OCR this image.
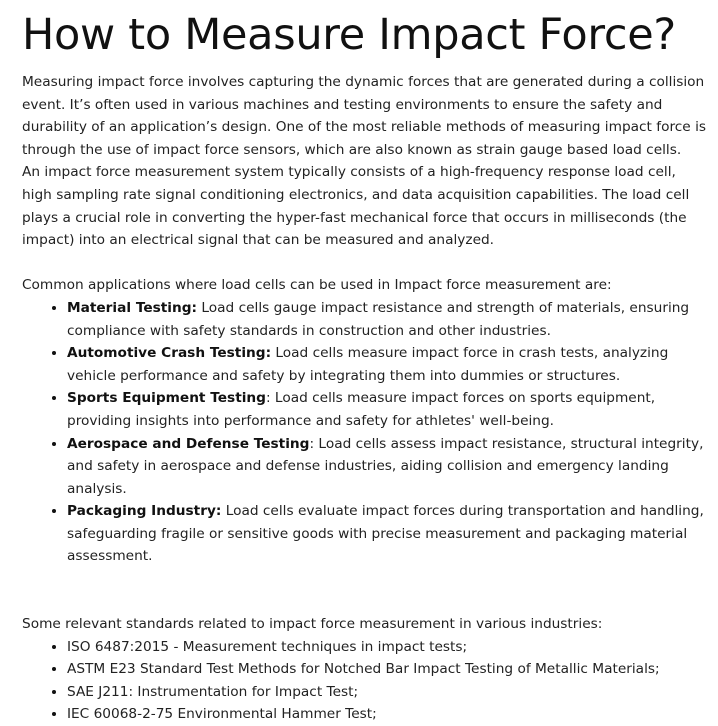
How to Measure Impact Force?

Measuring impact force involves capturing the dynamic forces that are generated during a collision event. It’s often used in various machines and testing environments to ensure the safety and durability of an application’s design. One of the most reliable methods of measuring impact force is through the use of impact force sensors, which are also known as strain gauge based load cells.

An impact force measurement system typically consists of a high-frequency response load cell, high sampling rate signal conditioning electronics, and data acquisition capabilities. The load cell plays a crucial role in converting the hyper-fast mechanical force that occurs in milliseconds (the impact) into an electrical signal that can be measured and analyzed.

Common applications where load cells can be used in Impact force measurement are:

• Material Testing: Load cells gauge impact resistance and strength of materials, ensuring compliance with safety standards in construction and other industries.
• Automotive Crash Testing: Load cells measure impact force in crash tests, analyzing vehicle performance and safety by integrating them into dummies or structures.
• Sports Equipment Testing: Load cells measure impact forces on sports equipment, providing insights into performance and safety for athletes' well-being.
• Aerospace and Defense Testing: Load cells assess impact resistance, structural integrity, and safety in aerospace and defense industries, aiding collision and emergency landing analysis.
• Packaging Industry: Load cells evaluate impact forces during transportation and handling, safeguarding fragile or sensitive goods with precise measurement and packaging material assessment.

Some relevant standards related to impact force measurement in various industries:

• ISO 6487:2015 - Measurement techniques in impact tests;
• ASTM E23 Standard Test Methods for Notched Bar Impact Testing of Metallic Materials;
• SAE J211: Instrumentation for Impact Test;
• IEC 60068-2-75 Environmental Hammer Test;
